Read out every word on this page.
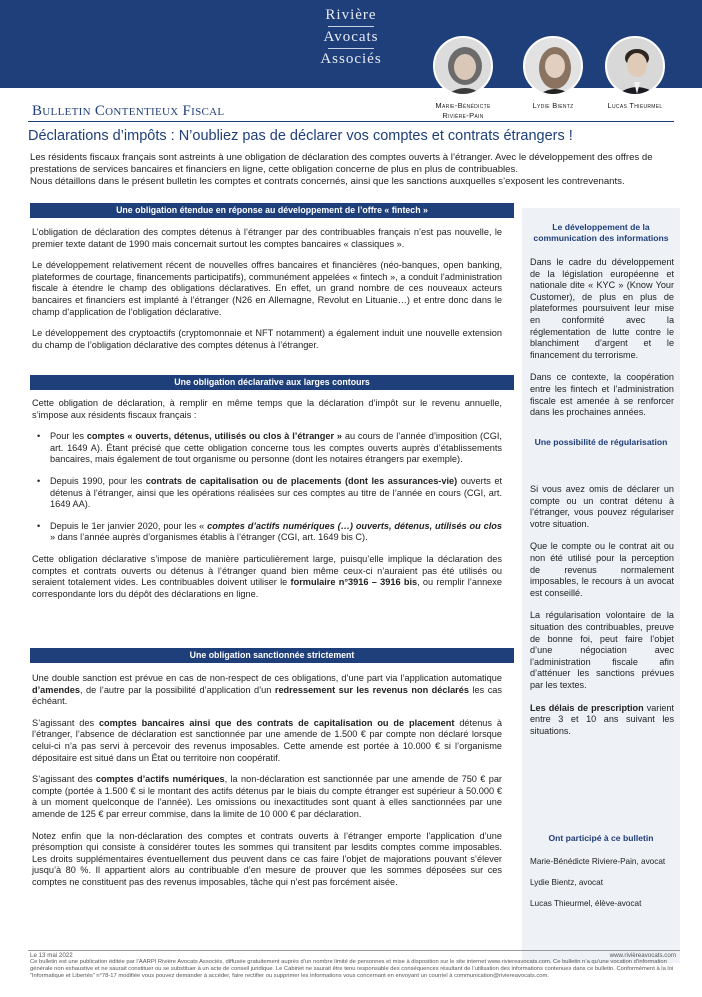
Rivière
Avocats
Associés
Marie-Bénédicte
Rivière-Pain
Lydie Bientz	Lucas Thieurmel
Bulletin Contentieux Fiscal
Déclarations d’impôts : N’oubliez pas de déclarer vos comptes et contrats étrangers !
Les résidents fiscaux français sont astreints à une obligation de déclaration des comptes ouverts à l’étranger. Avec le développement des offres de prestations de services bancaires et financiers en ligne, cette obligation concerne de plus en plus de contribuables.
Nous détaillons dans le présent bulletin les comptes et contrats concernés, ainsi que les sanctions auxquelles s’exposent les contrevenants.
Une obligation étendue en réponse au développement de l’offre « fintech »

L’obligation de déclaration des comptes détenus à l’étranger par des contribuables français n’est pas nouvelle, le premier texte datant de 1990 mais concernait surtout les comptes bancaires « classiques ».

Le développement relativement récent de nouvelles offres bancaires et financières (néo-banques, open banking, plateformes de courtage, financements participatifs), communément appelées « fintech », a conduit l’administration fiscale à étendre le champ des obligations déclaratives. En effet, un grand nombre de ces nouveaux acteurs bancaires et financiers est implanté à l’étranger (N26 en Allemagne, Revolut en Lituanie…) et entre donc dans le champ d’application de l’obligation déclarative.

Le développement des cryptoactifs (cryptomonnaie et NFT notamment) a également induit une nouvelle extension du champ de l’obligation déclarative des comptes détenus à l’étranger.

Une obligation déclarative aux larges contours

Cette obligation de déclaration, à remplir en même temps que la déclaration d’impôt sur le revenu annuelle, s’impose aux résidents fiscaux français :

• Pour les comptes « ouverts, détenus, utilisés ou clos à l’étranger » au cours de l’année d’imposition (CGI, art. 1649 A). Étant précisé que cette obligation concerne tous les comptes ouverts auprès d’établissements bancaires, mais également de tout organisme ou personne (dont les notaires étrangers par exemple).
• Depuis 1990, pour les contrats de capitalisation ou de placements (dont les assurances-vie) ouverts et détenus à l’étranger, ainsi que les opérations réalisées sur ces comptes au titre de l’année en cours (CGI, art. 1649 AA).
• Depuis le 1er janvier 2020, pour les « comptes d’actifs numériques (…) ouverts, détenus, utilisés ou clos » dans l’année auprès d’organismes établis à l’étranger (CGI, art. 1649 bis C).

Cette obligation déclarative s’impose de manière particulièrement large, puisqu’elle implique la déclaration des comptes et contrats ouverts ou détenus à l’étranger quand bien même ceux-ci n’auraient pas été utilisés ou seraient totalement vides. Les contribuables doivent utiliser le formulaire n°3916 – 3916 bis, ou remplir l’annexe correspondante lors du dépôt des déclarations en ligne.

Une obligation sanctionnée strictement

Une double sanction est prévue en cas de non-respect de ces obligations, d’une part via l’application automatique d’amendes, de l’autre par la possibilité d’application d’un redressement sur les revenus non déclarés les cas échéant.

S’agissant des comptes bancaires ainsi que des contrats de capitalisation ou de placement détenus à l’étranger, l’absence de déclaration est sanctionnée par une amende de 1.500 € par compte non déclaré lorsque celui-ci n’a pas servi à percevoir des revenus imposables. Cette amende est portée à 10.000 € si l’organisme dépositaire est situé dans un État ou territoire non coopératif.

S’agissant des comptes d’actifs numériques, la non-déclaration est sanctionnée par une amende de 750 € par compte (portée à 1.500 € si le montant des actifs détenus par le biais du compte étranger est supérieur à 50.000 € à un moment quelconque de l’année). Les omissions ou inexactitudes sont quant à elles sanctionnées par une amende de 125 € par erreur commise, dans la limite de 10 000 € par déclaration.

Notez enfin que la non-déclaration des comptes et contrats ouverts à l’étranger emporte l’application d’une présomption qui consiste à considérer toutes les sommes qui transitent par lesdits comptes comme imposables. Les droits supplémentaires éventuellement dus peuvent dans ce cas faire l’objet de majorations pouvant s’élever jusqu’à 80 %. Il appartient alors au contribuable d’en mesure de prouver que les sommes déposées sur ces comptes ne constituent pas des revenus imposables, tâche qui n’est pas forcément aisée.

Le développement de la communication des informations

Dans le cadre du développement de la législation européenne et nationale dite « KYC » (Know Your Customer), de plus en plus de plateformes poursuivent leur mise en conformité avec la réglementation de lutte contre le blanchiment d’argent et le financement du terrorisme.

Dans ce contexte, la coopération entre les fintech et l’administration fiscale est amenée à se renforcer dans les prochaines années.

Une possibilité de régularisation

Si vous avez omis de déclarer un compte ou un contrat détenu à l’étranger, vous pouvez régulariser votre situation.

Que le compte ou le contrat ait ou non été utilisé pour la perception de revenus normalement imposables, le recours à un avocat est conseillé.

La régularisation volontaire de la situation des contribuables, preuve de bonne foi, peut faire l’objet d’une négociation avec l’administration fiscale afin d’atténuer les sanctions prévues par les textes.

Les délais de prescription varient entre 3 et 10 ans suivant les situations.

Ont participé à ce bulletin

Marie-Bénédicte Riviere-Pain, avocat

Lydie Bientz, avocat

Lucas Thieurmel, élève-avocat

Le 13 mai 2022	www.rivièreavocats.com
Ce bulletin est une publication éditée par l’AARPI Rivière Avocats Associés, diffusée gratuitement auprès d’un nombre limité de personnes et mise à disposition sur le site internet www.riviereavocats.com. Ce bulletin n’a qu’une vocation d’information générale non exhaustive et ne saurait constituer ou se substituer à un acte de conseil juridique. Le Cabinet ne saurait être tenu responsable des conséquences résultant de l’utilisation des informations contenues dans ce bulletin. Conformément à la loi “Informatique et Libertés” n°78-17 modifiée vous pouvez demander à accéder, faire rectifier ou supprimer les informations vous concernant en envoyant un courriel à communication@riviereavocats.com.
